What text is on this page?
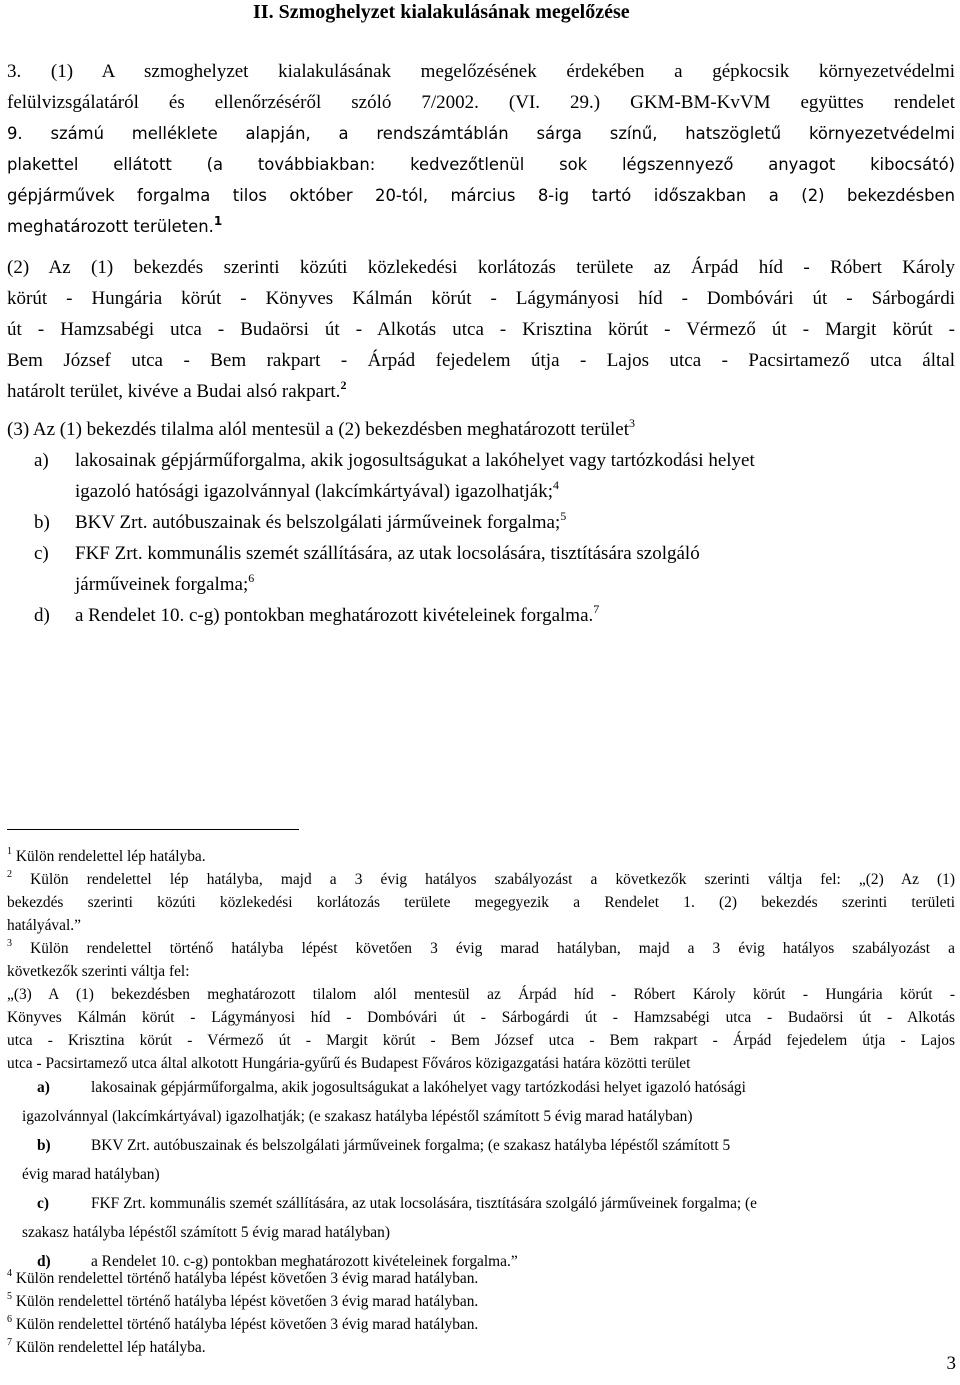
II. Szmoghelyzet kialakulásának megelőzése
3. (1) A szmoghelyzet kialakulásának megelőzésének érdekében a gépkocsik környezetvédelmi
felülvizsgálatáról és ellenőrzéséről szóló 7/2002. (VI. 29.) GKM-BM-KvVM együttes rendelet
9. számú melléklete alapján, a rendszámtáblán sárga színű, hatszögletű környezetvédelmi
plakettel ellátott (a továbbiakban: kedvezőtlenül sok légszennyező anyagot kibocsátó)
gépjárművek forgalma tilos október 20-tól, március 8-ig tartó időszakban a (2) bekezdésben
meghatározott területen.$^1$
(2) Az (1) bekezdés szerinti közúti közlekedési korlátozás területe az Árpád híd - Róbert Károly
körút - Hungária körút - Könyves Kálmán körút - Lágymányosi híd - Dombóvári út - Sárbogárdi
út - Hamzsabégi utca - Budaörsi út - Alkotás utca - Krisztina körút - Vérmező út - Margit körút -
Bem József utca - Bem rakpart - Árpád fejedelem útja - Lajos utca - Pacsirtamező utca által
határolt terület, kivéve a Budai alsó rakpart.$^2$
(3) Az (1) bekezdés tilalma alól mentesül a (2) bekezdésben meghatározott terület$^3$
a) lakosainak gépjárműforgalma, akik jogosultságukat a lakóhelyet vagy tartózkodási helyet
igazoló hatósági igazolvánnyal (lakcímkártyával) igazolhatják;$^4$
b) BKV Zrt. autóbuszainak és belszolgálati járműveinek forgalma;$^5$
c) FKF Zrt. kommunális szemét szállítására, az utak locsolására, tisztítására szolgáló
járműveinek forgalma;$^6$
d) a Rendelet 10. c-g) pontokban meghatározott kivételeinek forgalma.$^7$

$^1$ Külön rendelettel lép hatályba.

$^2$ Külön rendelettel lép hatályba, majd a 3 évig hatályos szabályozást a következők szerinti váltja fel: „(2) Az (1)
bekezdés szerinti közúti közlekedési korlátozás területe megegyezik a Rendelet 1. (2) bekezdés szerinti területi
hatályával.”

$^3$ Külön rendelettel történő hatályba lépést követően 3 évig marad hatályban, majd a 3 évig hatályos szabályozást a
következők szerinti váltja fel:
„(3) A (1) bekezdésben meghatározott tilalom alól mentesül az Árpád híd - Róbert Károly körút - Hungária körút -
Könyves Kálmán körút - Lágymányosi híd - Dombóvári út - Sárbogárdi út - Hamzsabégi utca - Budaörsi út - Alkotás
utca - Krisztina körút - Vérmező út - Margit körút - Bem József utca - Bem rakpart - Árpád fejedelem útja - Lajos
utca - Pacsirtamező utca által alkotott Hungária-gyűrű és Budapest Főváros közigazgatási határa közötti terület

a)	lakosainak gépjárműforgalma, akik jogosultságukat a lakóhelyet vagy tartózkodási helyet igazoló hatósági
igazolvánnyal (lakcímkártyával) igazolhatják; (e szakasz hatályba lépéstől számított 5 évig marad hatályban)
b)	BKV Zrt. autóbuszainak és belszolgálati járműveinek forgalma; (e szakasz hatályba lépéstől számított 5
évig marad hatályban)
c)	FKF Zrt. kommunális szemét szállítására, az utak locsolására, tisztítására szolgáló járműveinek forgalma; (e
szakasz hatályba lépéstől számított 5 évig marad hatályban)
d)	a Rendelet 10. c-g) pontokban meghatározott kivételeinek forgalma.”

$^4$ Külön rendelettel történő hatályba lépést követően 3 évig marad hatályban.

$^5$ Külön rendelettel történő hatályba lépést követően 3 évig marad hatályban.

$^6$ Külön rendelettel történő hatályba lépést követően 3 évig marad hatályban.

$^7$ Külön rendelettel lép hatályba.

3
